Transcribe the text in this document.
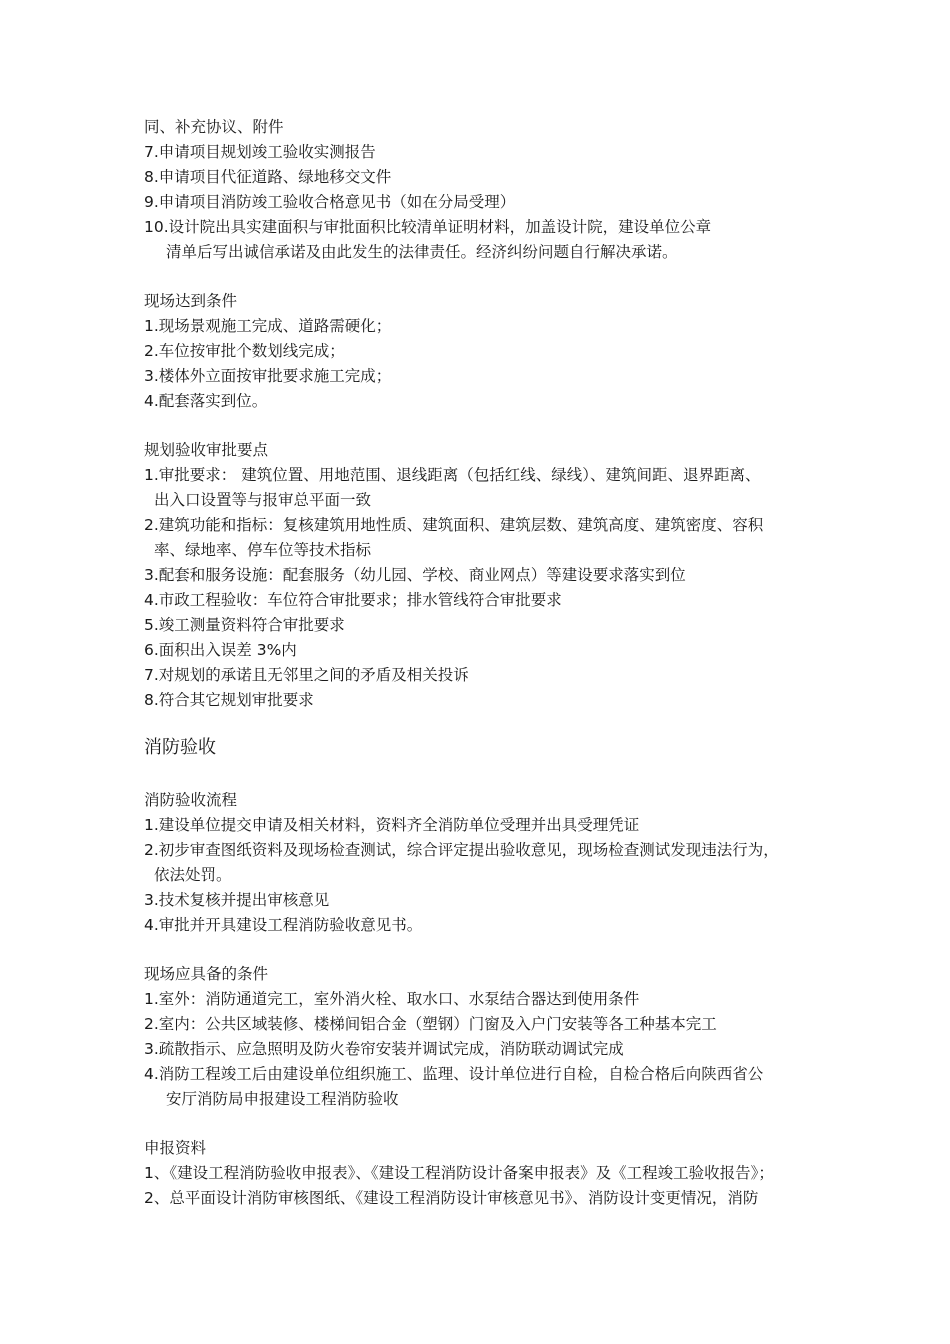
同、补充协议、附件
7.申请项目规划竣工验收实测报告
8.申请项目代征道路、绿地移交文件
9.申请项目消防竣工验收合格意见书（如在分局受理）
10.设计院出具实建面积与审批面积比较清单证明材料，加盖设计院，建设单位公章
清单后写出诚信承诺及由此发生的法律责任。经济纠纷问题自行解决承诺。
现场达到条件
1.现场景观施工完成、道路需硬化；
2.车位按审批个数划线完成；
3.楼体外立面按审批要求施工完成；
4.配套落实到位。
规划验收审批要点
1.审批要求： 建筑位置、用地范围、退线距离（包括红线、绿线）、建筑间距、退界距离、
出入口设置等与报审总平面一致
2.建筑功能和指标：复核建筑用地性质、建筑面积、建筑层数、建筑高度、建筑密度、容积
率、绿地率、停车位等技术指标
3.配套和服务设施：配套服务（幼儿园、学校、商业网点）等建设要求落实到位
4.市政工程验收：车位符合审批要求；排水管线符合审批要求
5.竣工测量资料符合审批要求
6.面积出入误差 3%内
7.对规划的承诺且无邻里之间的矛盾及相关投诉
8.符合其它规划审批要求
消防验收
消防验收流程
1.建设单位提交申请及相关材料，资料齐全消防单位受理并出具受理凭证
2.初步审查图纸资料及现场检查测试，综合评定提出验收意见，现场检查测试发现违法行为，
依法处罚。
3.技术复核并提出审核意见
4.审批并开具建设工程消防验收意见书。
现场应具备的条件
1.室外：消防通道完工，室外消火栓、取水口、水泵结合器达到使用条件
2.室内：公共区域装修、楼梯间铝合金（塑钢）门窗及入户门安装等各工种基本完工
3.疏散指示、应急照明及防火卷帘安装并调试完成，消防联动调试完成
4.消防工程竣工后由建设单位组织施工、监理、设计单位进行自检，自检合格后向陕西省公
安厅消防局申报建设工程消防验收
申报资料
1、《建设工程消防验收申报表》、《建设工程消防设计备案申报表》及《工程竣工验收报告》；
2、总平面设计消防审核图纸、《建设工程消防设计审核意见书》、消防设计变更情况，消防
